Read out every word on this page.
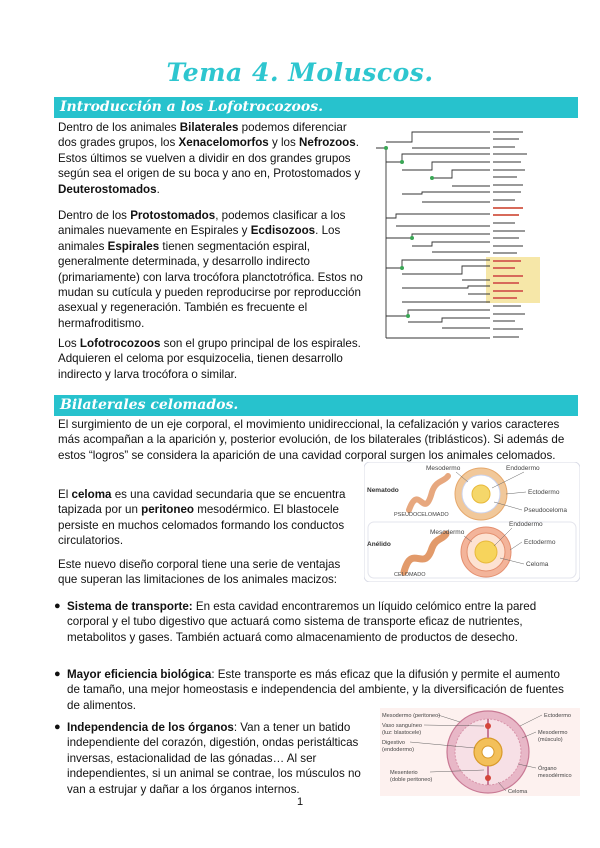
Tema 4. Moluscos.
Introducción a los Lofotrocozoos.

Dentro de los animales Bilaterales podemos diferenciar dos grades grupos, los Xenacelomorfos y los Nefrozoos. Estos últimos se vuelven a dividir en dos grandes grupos según sea el origen de su boca y ano en, Protostomados y Deuterostomados.

Dentro de los Protostomados, podemos clasificar a los animales nuevamente en Espirales y Ecdisozoos. Los animales Espirales tienen segmentación espiral, generalmente determinada, y desarrollo indirecto (primariamente) con larva trocófora planctotrófica. Estos no mudan su cutícula y pueden reproducirse por reproducción asexual y regeneración. También es frecuente el hermafroditismo.

Los Lofotrocozoos son el grupo principal de los espirales. Adquieren el celoma por esquizocelia, tienen desarrollo indirecto y larva trocófora o similar.

Bilaterales celomados.

El surgimiento de un eje corporal, el movimiento unidireccional, la cefalización y varios caracteres más acompañan a la aparición y, posterior evolución, de los bilaterales (triblásticos). Si además de estos “logros” se considera la aparición de una cavidad corporal surgen los animales celomados.

El celoma es una cavidad secundaria que se encuentra tapizada por un peritoneo mesodérmico. El blastocele persiste en muchos celomados formando los conductos circulatorios.

Este nuevo diseño corporal tiene una serie de ventajas que superan las limitaciones de los animales macizos:

Nematodo
PSEUDOCELOMADO
Mesodermo	Endodermo
Ectodermo
Pseudoceloma
Anélido
CELOMADO
Mesodermo
Endodermo
Ectodermo
Celoma
● Sistema de transporte: En esta cavidad encontraremos un líquido celómico entre la pared corporal y el tubo digestivo que actuará como sistema de transporte eficaz de nutrientes, metabolitos y gases. También actuará como almacenamiento de productos de desecho.
● Mayor eficiencia biológica: Este transporte es más eficaz que la difusión y permite el aumento de tamaño, una mejor homeostasis e independencia del ambiente, y la diversificación de fuentes de alimentos.
● Independencia de los órganos: Van a tener un batido independiente del corazón, digestión, ondas peristálticas inversas, estacionalidad de las gónadas… Al ser independientes, si un animal se contrae, los músculos no van a estrujar y dañar a los órganos internos.
Mesodermo (peritoneo)
Vaso sanguíneo
(luz: blastocele)
Digestivo
(endodermo)
Mesenterio
(doble peritoneo)
Ectodermo
Mesodermo
(músculo)
Órgano
mesodérmico
Celoma
1
